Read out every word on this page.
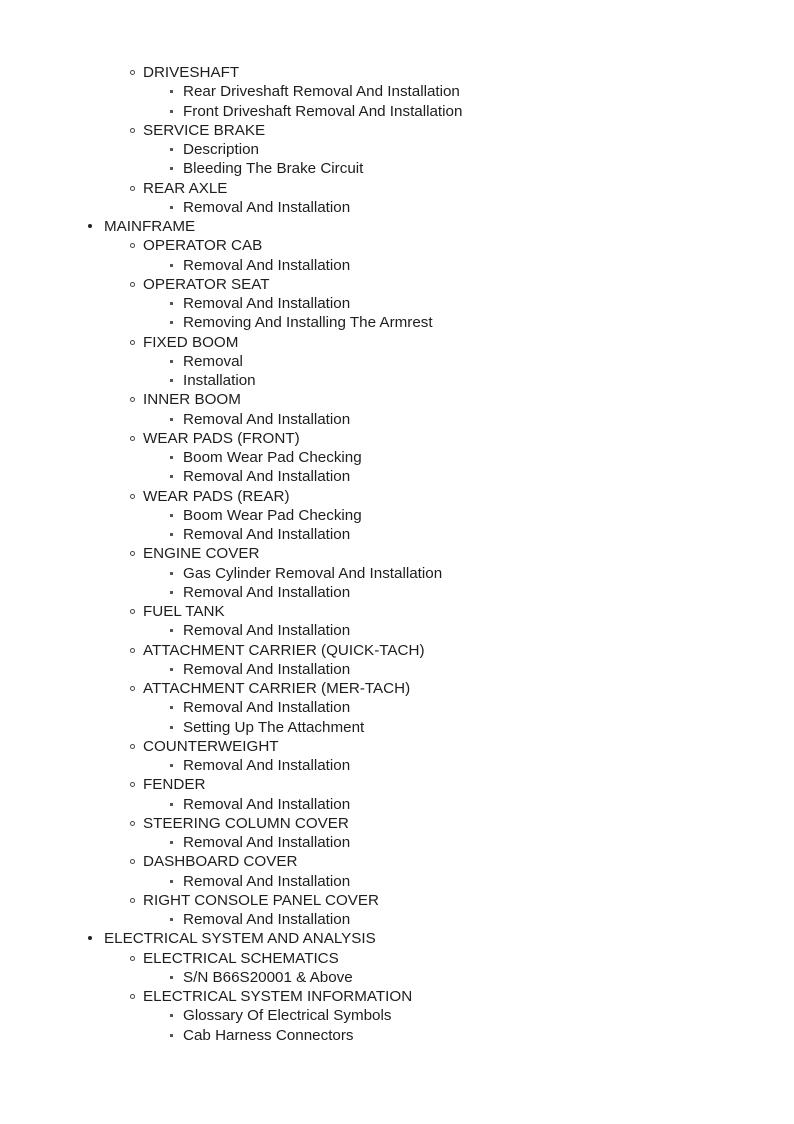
DRIVESHAFT
Rear Driveshaft Removal And Installation
Front Driveshaft Removal And Installation
SERVICE BRAKE
Description
Bleeding The Brake Circuit
REAR AXLE
Removal And Installation
MAINFRAME
OPERATOR CAB
Removal And Installation
OPERATOR SEAT
Removal And Installation
Removing And Installing The Armrest
FIXED BOOM
Removal
Installation
INNER BOOM
Removal And Installation
WEAR PADS (FRONT)
Boom Wear Pad Checking
Removal And Installation
WEAR PADS (REAR)
Boom Wear Pad Checking
Removal And Installation
ENGINE COVER
Gas Cylinder Removal And Installation
Removal And Installation
FUEL TANK
Removal And Installation
ATTACHMENT CARRIER (QUICK-TACH)
Removal And Installation
ATTACHMENT CARRIER (MER-TACH)
Removal And Installation
Setting Up The Attachment
COUNTERWEIGHT
Removal And Installation
FENDER
Removal And Installation
STEERING COLUMN COVER
Removal And Installation
DASHBOARD COVER
Removal And Installation
RIGHT CONSOLE PANEL COVER
Removal And Installation
ELECTRICAL SYSTEM AND ANALYSIS
ELECTRICAL SCHEMATICS
S/N B66S20001 & Above
ELECTRICAL SYSTEM INFORMATION
Glossary Of Electrical Symbols
Cab Harness Connectors
